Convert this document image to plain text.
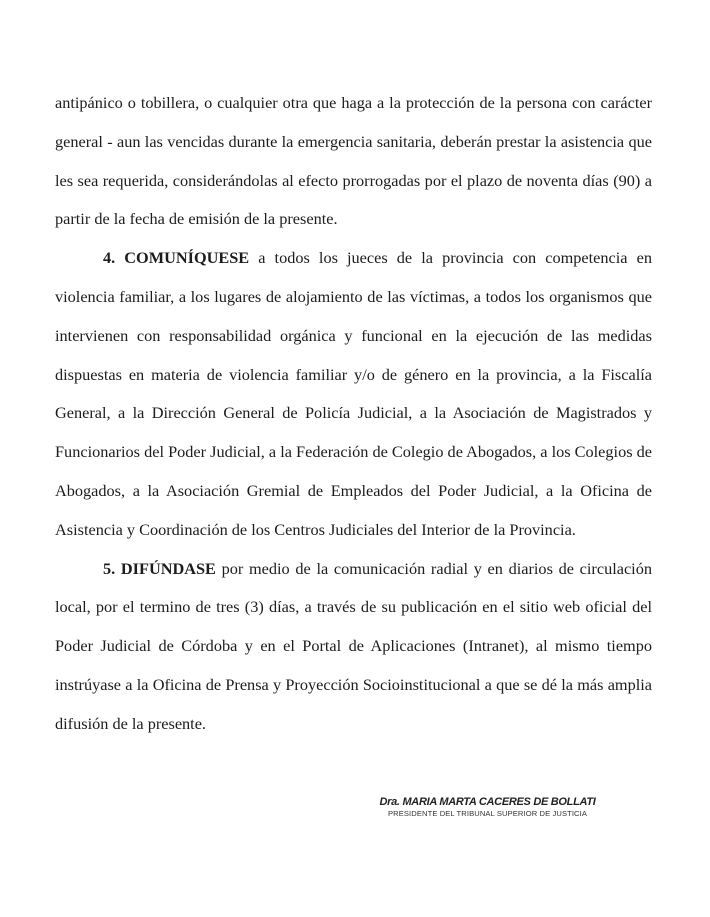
antipánico o tobillera, o cualquier otra que haga a la protección de la persona con carácter general - aun las vencidas durante la emergencia sanitaria, deberán prestar la asistencia que les sea requerida, considerándolas al efecto prorrogadas por el plazo de noventa días (90) a partir de la fecha de emisión de la presente.

4. COMUNÍQUESE a todos los jueces de la provincia con competencia en violencia familiar, a los lugares de alojamiento de las víctimas, a todos los organismos que intervienen con responsabilidad orgánica y funcional en la ejecución de las medidas dispuestas en materia de violencia familiar y/o de género en la provincia, a la Fiscalía General, a la Dirección General de Policía Judicial, a la Asociación de Magistrados y Funcionarios del Poder Judicial, a la Federación de Colegio de Abogados, a los Colegios de Abogados, a la Asociación Gremial de Empleados del Poder Judicial, a la Oficina de Asistencia y Coordinación de los Centros Judiciales del Interior de la Provincia.

5. DIFÚNDASE por medio de la comunicación radial y en diarios de circulación local, por el termino de tres (3) días, a través de su publicación en el sitio web oficial del Poder Judicial de Córdoba y en el Portal de Aplicaciones (Intranet), al mismo tiempo instrúyase a la Oficina de Prensa y Proyección Socioinstitucional a que se dé la más amplia difusión de la presente.

Dra. MARIA MARTA CACERES DE BOLLATI
PRESIDENTE DEL TRIBUNAL SUPERIOR DE JUSTICIA
